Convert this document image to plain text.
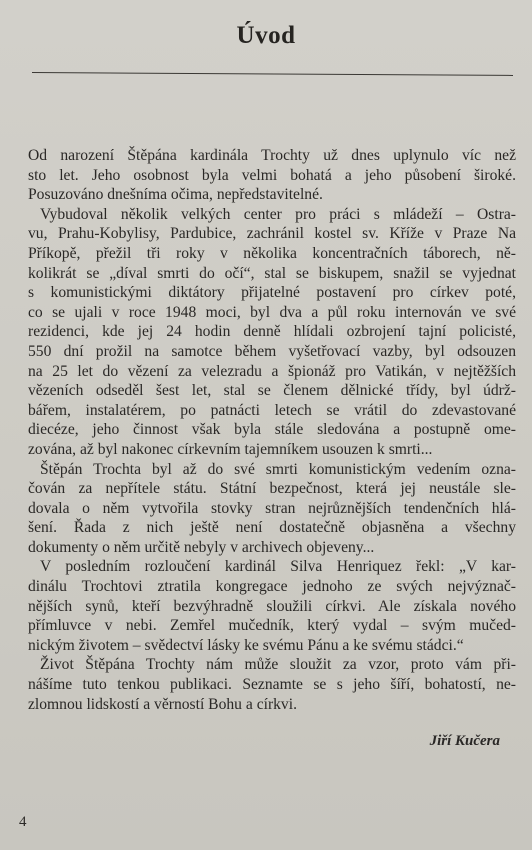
Úvod
Od narození Štěpána kardinála Trochty už dnes uplynulo víc než
sto let. Jeho osobnost byla velmi bohatá a jeho působení široké.
Posuzováno dnešníma očima, nepředstavitelné.
Vybudoval několik velkých center pro práci s mládeží – Ostra-
vu, Prahu-Kobylisy, Pardubice, zachránil kostel sv. Kříže v Praze Na
Příkopě, přežil tři roky v několika koncentračních táborech, ně-
kolikrát se „díval smrti do očí“, stal se biskupem, snažil se vyjednat
s komunistickými diktátory přijatelné postavení pro církev poté,
co se ujali v roce 1948 moci, byl dva a půl roku internován ve své
rezidenci, kde jej 24 hodin denně hlídali ozbrojení tajní policisté,
550 dní prožil na samotce během vyšetřovací vazby, byl odsouzen
na 25 let do vězení za velezradu a špionáž pro Vatikán, v nejtěžších
vězeních odseděl šest let, stal se členem dělnické třídy, byl údrž-
bářem, instalatérem, po patnácti letech se vrátil do zdevastované
diecéze, jeho činnost však byla stále sledována a postupně ome-
zována, až byl nakonec církevním tajemníkem usouzen k smrti...
Štěpán Trochta byl až do své smrti komunistickým vedením ozna-
čován za nepřítele státu. Státní bezpečnost, která jej neustále sle-
dovala o něm vytvořila stovky stran nejrůznějších tendenčních hlá-
šení. Řada z nich ještě není dostatečně objasněna a všechny
dokumenty o něm určitě nebyly v archivech objeveny...
V posledním rozloučení kardinál Silva Henriquez řekl: „V kar-
dinálu Trochtovi ztratila kongregace jednoho ze svých nejvýznač-
nějších synů, kteří bezvýhradně sloužili církvi. Ale získala nového
přímluvce v nebi. Zemřel mučedník, který vydal – svým mučed-
nickým životem – svědectví lásky ke svému Pánu a ke svému stádci.“
Život Štěpána Trochty nám může sloužit za vzor, proto vám při-
nášíme tuto tenkou publikaci. Seznamte se s jeho šíří, bohatostí, ne-
zlomnou lidskostí a věrností Bohu a církvi.
Jiří Kučera
4
